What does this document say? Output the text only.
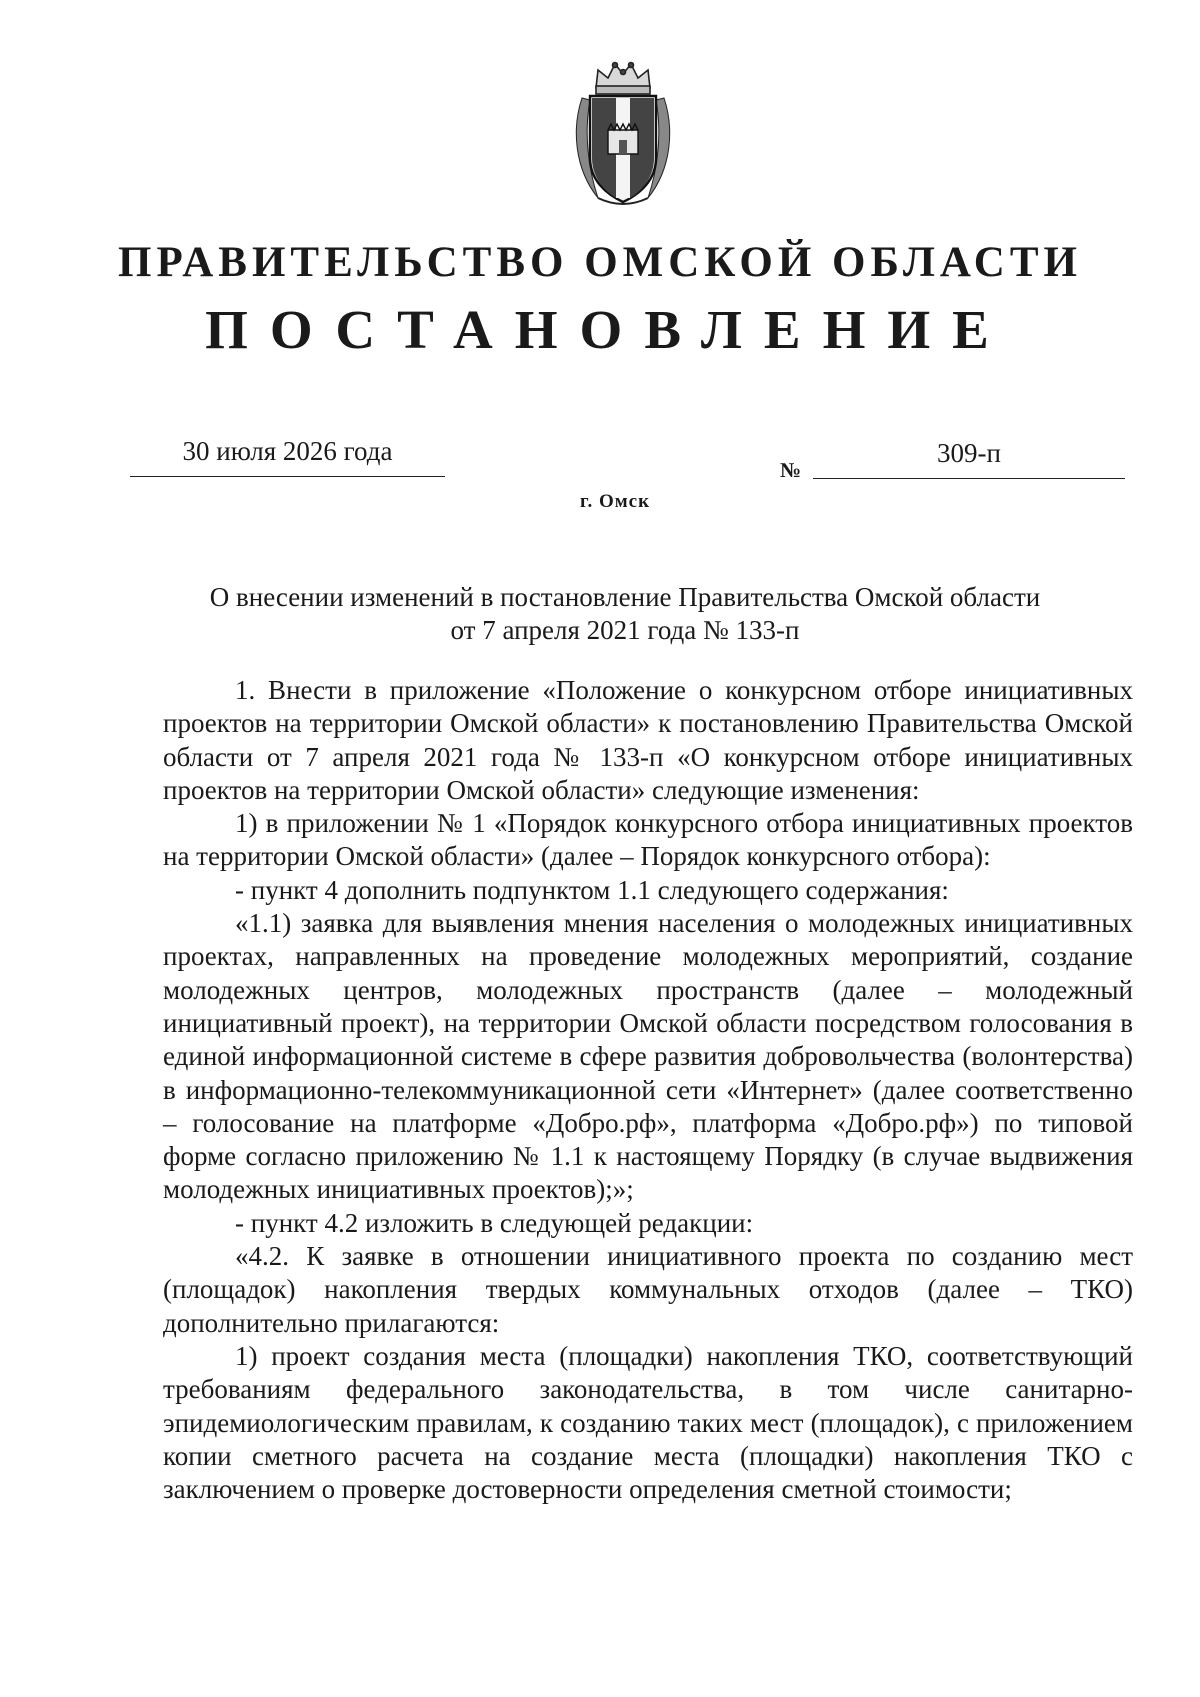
ПРАВИТЕЛЬСТВО ОМСКОЙ ОБЛАСТИ
ПОСТАНОВЛЕНИЕ
30 июля 2026 года
№
309-п
г. Омск
О внесении изменений в постановление Правительства Омской области
от 7 апреля 2021 года № 133-п

1. Внести в приложение «Положение о конкурсном отборе инициативных проектов на территории Омской области» к постановлению Правительства Омской области от 7 апреля 2021 года № 133-п «О конкурсном отборе инициативных проектов на территории Омской области» следующие изменения:

1) в приложении № 1 «Порядок конкурсного отбора инициативных проектов на территории Омской области» (далее – Порядок конкурсного отбора):

- пункт 4 дополнить подпунктом 1.1 следующего содержания:

«1.1) заявка для выявления мнения населения о молодежных инициативных проектах, направленных на проведение молодежных мероприятий, создание молодежных центров, молодежных пространств (далее – молодежный инициативный проект), на территории Омской области посредством голосования в единой информационной системе в сфере развития добровольчества (волонтерства) в информационно-телекоммуникационной сети «Интернет» (далее соответственно – голосование на платформе «Добро.рф», платформа «Добро.рф») по типовой форме согласно приложению № 1.1 к настоящему Порядку (в случае выдвижения молодежных инициативных проектов);»;

- пункт 4.2 изложить в следующей редакции:

«4.2. К заявке в отношении инициативного проекта по созданию мест (площадок) накопления твердых коммунальных отходов (далее – ТКО) дополнительно прилагаются:

1) проект создания места (площадки) накопления ТКО, соответствующий требованиям федерального законодательства, в том числе санитарно-эпидемиологическим правилам, к созданию таких мест (площадок), с приложением копии сметного расчета на создание места (площадки) накопления ТКО с заключением о проверке достоверности определения сметной стоимости;
